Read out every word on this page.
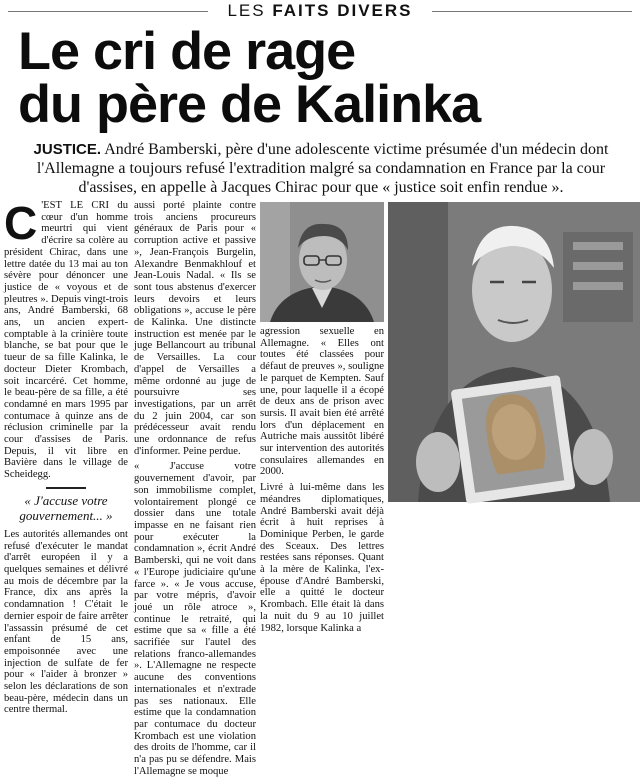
LES FAITS DIVERS
Le cri de rage
du père de Kalinka
JUSTICE. André Bamberski, père d'une adolescente victime présumée d'un médecin dont l'Allemagne a toujours refusé l'extradition malgré sa condamnation en France par la cour d'assises, en appelle à Jacques Chirac pour que « justice soit enfin rendue ».

C 'EST LE CRI du cœur d'un homme meurtri qui vient d'écrire sa colère au président Chirac, dans une lettre datée du 13 mai au ton sévère pour dénoncer une justice de « voyous et de pleutres ». Depuis vingt-trois ans, André Bamberski, 68 ans, un ancien expert-comptable à la crinière toute blanche, se bat pour que le tueur de sa fille Kalinka, le docteur Dieter Krombach, soit incarcéré. Cet homme, le beau-père de sa fille, a été condamné en mars 1995 par contumace à quinze ans de réclusion criminelle par la cour d'assises de Paris. Depuis, il vit libre en Bavière dans le village de Scheidegg.

« J'accuse votre gouvernement... »

Les autorités allemandes ont refusé d'exécuter le mandat d'arrêt européen il y a quelques semaines et délivré au mois de décembre par la France, dix ans après la condamnation ! C'était le dernier espoir de faire arrêter l'assassin présumé de cet enfant de 15 ans, empoisonnée avec une injection de sulfate de fer pour « l'aider à bronzer » selon les déclarations de son beau-père, médecin dans un centre thermal.

aussi porté plainte contre trois anciens procureurs généraux de Paris pour « corruption active et passive », Jean-François Burgelin, Alexandre Benmakhlouf et Jean-Louis Nadal. « Ils se sont tous abstenus d'exercer leurs devoirs et leurs obligations », accuse le père de Kalinka. Une distincte instruction est menée par le juge Bellancourt au tribunal de Versailles. La cour d'appel de Versailles a même ordonné au juge de poursuivre ses investigations, par un arrêt du 2 juin 2004, car son prédécesseur avait rendu une ordonnance de refus d'informer. Peine perdue.

« J'accuse votre gouvernement d'avoir, par son immobilisme complet, volontairement plongé ce dossier dans une totale impasse en ne faisant rien pour exécuter la condamnation », écrit André Bamberski, qui ne voit dans « l'Europe judiciaire qu'une farce ». « Je vous accuse, par votre mépris, d'avoir joué un rôle atroce », continue le retraité, qui estime que sa « fille a été sacrifiée sur l'autel des relations franco-allemandes ». L'Allemagne ne respecte aucune des conventions internationales et n'extrade pas ses nationaux. Elle estime que la condamnation par contumace du docteur Krombach est une violation des droits de l'homme, car il n'a pas pu se défendre. Mais l'Allemagne se moque

agression sexuelle en Allemagne. « Elles ont toutes été classées pour défaut de preuves », souligne le parquet de Kempten. Sauf une, pour laquelle il a écopé de deux ans de prison avec sursis. Il avait bien été arrêté lors d'un déplacement en Autriche mais aussitôt libéré sur intervention des autorités consulaires allemandes en 2000.

Livré à lui-même dans les méandres diplomatiques, André Bamberski avait déjà écrit à huit reprises à Dominique Perben, le garde des Sceaux. Des lettres restées sans réponses. Quant à la mère de Kalinka, l'ex-épouse d'André Bamberski, elle a quitté le docteur Krombach. Elle était là dans la nuit du 9 au 10 juillet 1982, lorsque Kalinka a
